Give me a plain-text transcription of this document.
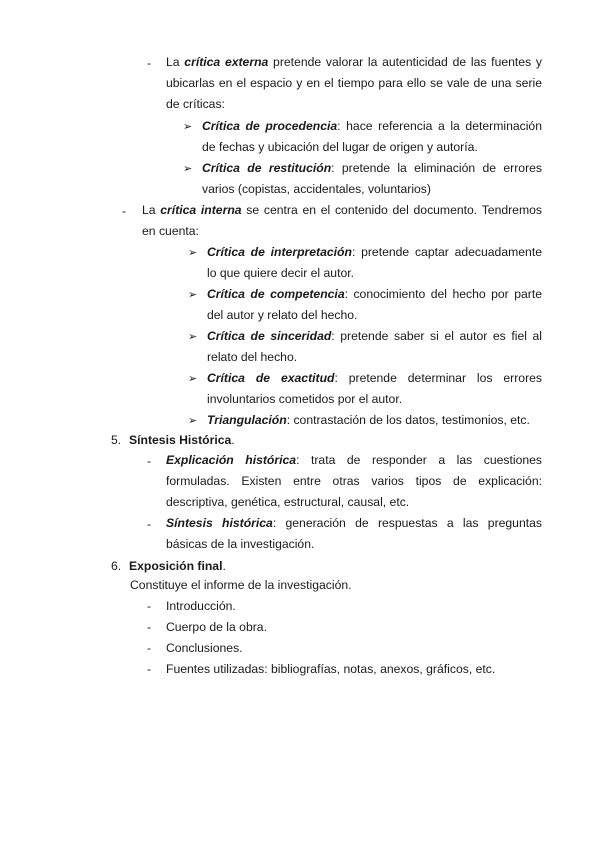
- La crítica externa pretende valorar la autenticidad de las fuentes y ubicarlas en el espacio y en el tiempo para ello se vale de una serie de críticas:
➢ Crítica de procedencia: hace referencia a la determinación de fechas y ubicación del lugar de origen y autoría.
➢ Crítica de restitución: pretende la eliminación de errores varios (copistas, accidentales, voluntarios)
- La crítica interna se centra en el contenido del documento. Tendremos en cuenta:
➢ Crítica de interpretación: pretende captar adecuadamente lo que quiere decir el autor.
➢ Crítica de competencia: conocimiento del hecho por parte del autor y relato del hecho.
➢ Crítica de sinceridad: pretende saber si el autor es fiel al relato del hecho.
➢ Crítica de exactitud: pretende determinar los errores involuntarios cometidos por el autor.
➢ Triangulación: contrastación de los datos, testimonios, etc.
5. Síntesis Histórica.
- Explicación histórica: trata de responder a las cuestiones formuladas. Existen entre otras varios tipos de explicación: descriptiva, genética, estructural, causal, etc.
- Síntesis histórica: generación de respuestas a las preguntas básicas de la investigación.
6. Exposición final.
Constituye el informe de la investigación.
- Introducción.
- Cuerpo de la obra.
- Conclusiones.
- Fuentes utilizadas: bibliografías, notas, anexos, gráficos, etc.
